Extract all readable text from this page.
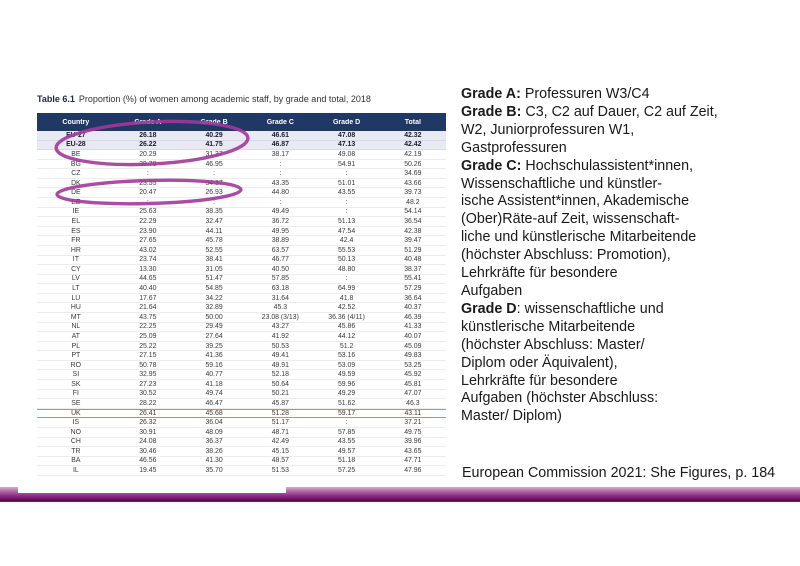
Table 6.1 Proportion (%) of women among academic staff, by grade and total, 2018
Country	Grade A	Grade B	Grade C	Grade D	Total
EU-27	26.18	40.29	46.61	47.08	42.32
EU-28	26.22	41.75	46.87	47.13	42.42
BE	20.29	31.37	38.17	49.08	42.19
BG	39.70	46.95	:	54.91	50.26
CZ	:	:	:	:	34.69
DK	23.55	34.37	43.35	51.01	43.66
DE	20.47	26.93	44.80	43.55	39.73
EE	:	:	:	:	48.2
IE	25.63	38.35	49.49	:	54.14
EL	22.29	32.47	36.72	51.13	36.54
ES	23.90	44.11	49.95	47.54	42.38
FR	27.65	45.78	38.89	42.4	39.47
HR	43.02	52.55	63.57	55.53	51.29
IT	23.74	38.41	46.77	50.13	40.48
CY	13.30	31.05	40.50	48.80	38.37
LV	44.65	51.47	57.85	:	55.41
LT	40.40	54.85	63.18	64.99	57.29
LU	17.67	34.22	31.64	41.8	36.64
HU	21.64	32.89	45.3	42.52	40.37
MT	43.75	50.00	23.08 (3/13)	36.36 (4/11)	46.39
NL	22.25	29.49	43.27	45.86	41.33
AT	25.09	27.64	41.92	44.12	40.07
PL	25.22	39.25	50.53	51.2	45.09
PT	27.15	41.36	49.41	53.16	49.83
RO	50.78	59.16	49.91	53.09	53.25
SI	32.95	40.77	52.18	49.59	45.92
SK	27.23	41.18	50.64	59.96	45.81
FI	30.52	49.74	50.21	49.29	47.07
SE	28.22	46.47	45.87	51.62	46.3
UK	26.41	45.68	51.28	59.17	43.11
IS	26.32	36.04	51.17	:	37.21
NO	30.91	48.09	48.71	57.85	49.75
CH	24.08	36.37	42.49	43.55	39.96
TR	30.46	38.26	45.15	49.57	43.65
BA	46.56	41.30	48.57	51.18	47.71
IL	19.45	35.70	51.53	57.25	47.96
Grade A: Professuren W3/C4
Grade B: C3, C2 auf Dauer, C2 auf Zeit,
W2, Juniorprofessuren W1,
Gastprofessuren
Grade C: Hochschulassistent*innen,
Wissenschaftliche und künstler-
ische Assistent*innen, Akademische
(Ober)Räte-auf Zeit, wissenschaft-
liche und künstlerische Mitarbeitende
(höchster Abschluss: Promotion),
Lehrkräfte für besondere
Aufgaben
Grade D: wissenschaftliche und
künstlerische Mitarbeitende
(höchster Abschluss: Master/
Diplom oder Äquivalent),
Lehrkräfte für besondere
Aufgaben (höchster Abschluss:
Master/ Diplom)
European Commission 2021: She Figures, p. 184
